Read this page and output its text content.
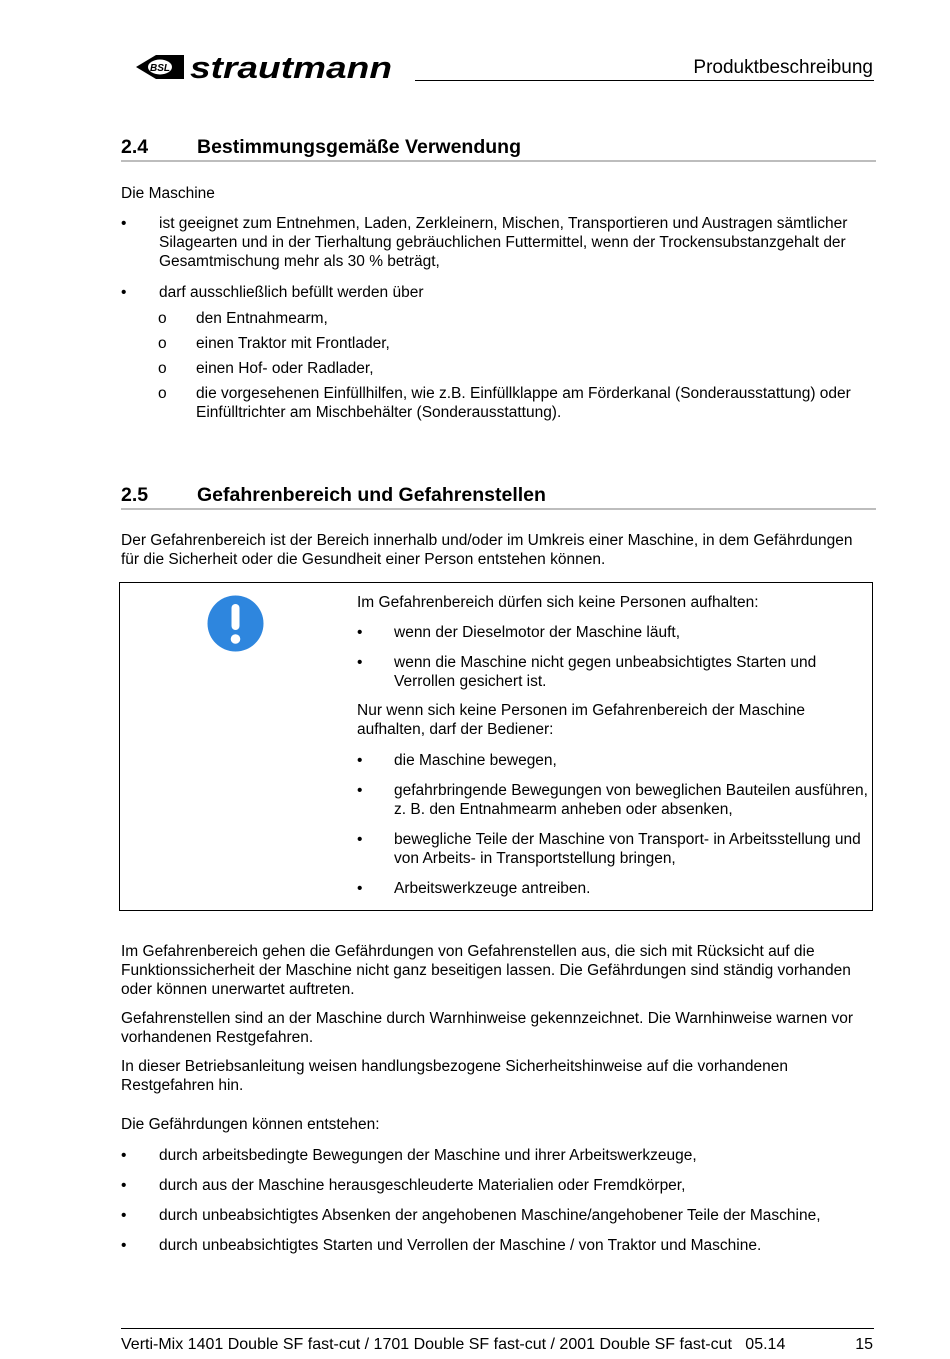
BSL strautmann	Produktbeschreibung
2.4	Bestimmungsgemäße Verwendung
Die Maschine
• ist geeignet zum Entnehmen, Laden, Zerkleinern, Mischen, Transportieren und Austragen sämtlicher Silagearten und in der Tierhaltung gebräuchlichen Futtermittel, wenn der Trockensubstanzgehalt der Gesamtmischung mehr als 30 % beträgt,
• darf ausschließlich befüllt werden über
o den Entnahmearm,
o einen Traktor mit Frontlader,
o einen Hof- oder Radlader,
o die vorgesehenen Einfüllhilfen, wie z.B. Einfüllklappe am Förderkanal (Sonderausstattung) oder Einfülltrichter am Mischbehälter (Sonderausstattung).
2.5	Gefahrenbereich und Gefahrenstellen
Der Gefahrenbereich ist der Bereich innerhalb und/oder im Umkreis einer Maschine, in dem Gefährdungen für die Sicherheit oder die Gesundheit einer Person entstehen können.
Im Gefahrenbereich dürfen sich keine Personen aufhalten:
• wenn der Dieselmotor der Maschine läuft,
• wenn die Maschine nicht gegen unbeabsichtigtes Starten und Verrollen gesichert ist.
Nur wenn sich keine Personen im Gefahrenbereich der Maschine aufhalten, darf der Bediener:
• die Maschine bewegen,
• gefahrbringende Bewegungen von beweglichen Bauteilen ausführen, z. B. den Entnahmearm anheben oder absenken,
• bewegliche Teile der Maschine von Transport- in Arbeitsstellung und von Arbeits- in Transportstellung bringen,
• Arbeitswerkzeuge antreiben.
Im Gefahrenbereich gehen die Gefährdungen von Gefahrenstellen aus, die sich mit Rücksicht auf die Funktionssicherheit der Maschine nicht ganz beseitigen lassen. Die Gefährdungen sind ständig vorhanden oder können unerwartet auftreten.
Gefahrenstellen sind an der Maschine durch Warnhinweise gekennzeichnet. Die Warnhinweise warnen vor vorhandenen Restgefahren.
In dieser Betriebsanleitung weisen handlungsbezogene Sicherheitshinweise auf die vorhandenen Restgefahren hin.
Die Gefährdungen können entstehen:
• durch arbeitsbedingte Bewegungen der Maschine und ihrer Arbeitswerkzeuge,
• durch aus der Maschine herausgeschleuderte Materialien oder Fremdkörper,
• durch unbeabsichtigtes Absenken der angehobenen Maschine/angehobener Teile der Maschine,
• durch unbeabsichtigtes Starten und Verrollen der Maschine / von Traktor und Maschine.
Verti-Mix 1401 Double SF fast-cut / 1701 Double SF fast-cut / 2001 Double SF fast-cut   05.14	15
